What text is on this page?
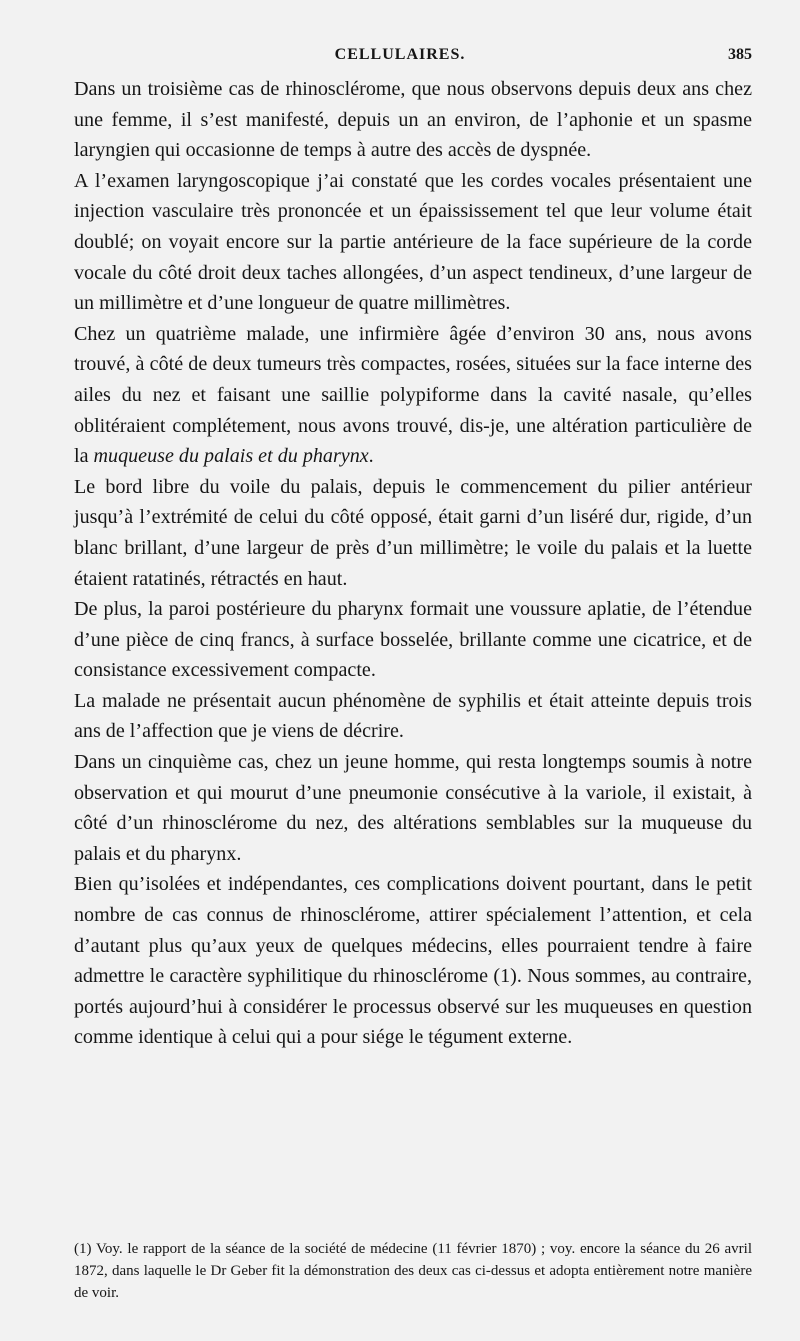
CELLULAIRES.	385

Dans un troisième cas de rhinosclérome, que nous observons depuis deux ans chez une femme, il s’est manifesté, depuis un an environ, de l’aphonie et un spasme laryngien qui occasionne de temps à autre des accès de dyspnée.

A l’examen laryngoscopique j’ai constaté que les cordes vocales présentaient une injection vasculaire très prononcée et un épaississement tel que leur volume était doublé; on voyait encore sur la partie antérieure de la face supérieure de la corde vocale du côté droit deux taches allongées, d’un aspect tendineux, d’une largeur de un millimètre et d’une longueur de quatre millimètres.

Chez un quatrième malade, une infirmière âgée d’environ 30 ans, nous avons trouvé, à côté de deux tumeurs très compactes, rosées, situées sur la face interne des ailes du nez et faisant une saillie polypiforme dans la cavité nasale, qu’elles oblitéraient complétement, nous avons trouvé, dis-je, une altération particulière de la muqueuse du palais et du pharynx.

Le bord libre du voile du palais, depuis le commencement du pilier antérieur jusqu’à l’extrémité de celui du côté opposé, était garni d’un liséré dur, rigide, d’un blanc brillant, d’une largeur de près d’un millimètre; le voile du palais et la luette étaient ratatinés, rétractés en haut.

De plus, la paroi postérieure du pharynx formait une voussure aplatie, de l’étendue d’une pièce de cinq francs, à surface bosselée, brillante comme une cicatrice, et de consistance excessivement compacte.

La malade ne présentait aucun phénomène de syphilis et était atteinte depuis trois ans de l’affection que je viens de décrire.

Dans un cinquième cas, chez un jeune homme, qui resta longtemps soumis à notre observation et qui mourut d’une pneumonie consécutive à la variole, il existait, à côté d’un rhinosclérome du nez, des altérations semblables sur la muqueuse du palais et du pharynx.

Bien qu’isolées et indépendantes, ces complications doivent pourtant, dans le petit nombre de cas connus de rhinosclérome, attirer spécialement l’attention, et cela d’autant plus qu’aux yeux de quelques médecins, elles pourraient tendre à faire admettre le caractère syphilitique du rhinosclérome (1). Nous sommes, au contraire, portés aujourd’hui à considérer le processus observé sur les muqueuses en question comme identique à celui qui a pour siége le tégument externe.

(1) Voy. le rapport de la séance de la société de médecine (11 février 1870) ; voy. encore la séance du 26 avril 1872, dans laquelle le Dr Geber fit la démonstration des deux cas ci-dessus et adopta entièrement notre manière de voir.
